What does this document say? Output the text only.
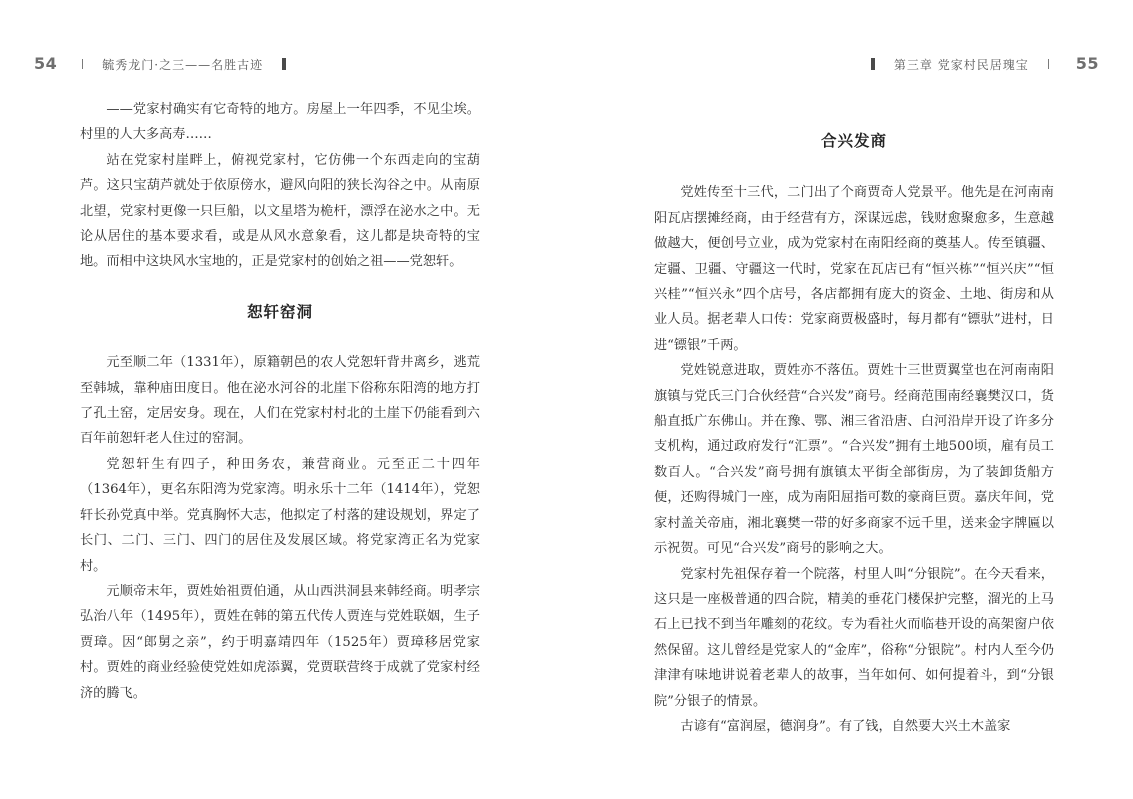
54	毓秀龙门·之三——名胜古迹

——党家村确实有它奇特的地方。房屋上一年四季，不见尘埃。村里的人大多高寿……

站在党家村崖畔上，俯视党家村，它仿佛一个东西走向的宝葫芦。这只宝葫芦就处于依原傍水，避风向阳的狭长沟谷之中。从南原北望，党家村更像一只巨船，以文星塔为桅杆，漂浮在泌水之中。无论从居住的基本要求看，或是从风水意象看，这儿都是块奇特的宝地。而相中这块风水宝地的，正是党家村的创始之祖——党恕轩。

恕轩窑洞

元至顺二年（1331年），原籍朝邑的农人党恕轩背井离乡，逃荒至韩城，靠种庙田度日。他在泌水河谷的北崖下俗称东阳湾的地方打了孔土窑，定居安身。现在，人们在党家村村北的土崖下仍能看到六百年前恕轩老人住过的窑洞。

党恕轩生有四子，种田务农，兼营商业。元至正二十四年（1364年），更名东阳湾为党家湾。明永乐十二年（1414年），党恕轩长孙党真中举。党真胸怀大志，他拟定了村落的建设规划，界定了长门、二门、三门、四门的居住及发展区域。将党家湾正名为党家村。

元顺帝末年，贾姓始祖贾伯通，从山西洪洞县来韩经商。明孝宗弘治八年（1495年），贾姓在韩的第五代传人贾连与党姓联姻，生子贾璋。因“郎舅之亲”，约于明嘉靖四年（1525年）贾璋移居党家村。贾姓的商业经验使党姓如虎添翼，党贾联营终于成就了党家村经济的腾飞。

第三章 党家村民居瑰宝	55
合兴发商

党姓传至十三代，二门出了个商贾奇人党景平。他先是在河南南阳瓦店摆摊经商，由于经营有方，深谋远虑，钱财愈聚愈多，生意越做越大，便创号立业，成为党家村在南阳经商的奠基人。传至镇疆、定疆、卫疆、守疆这一代时，党家在瓦店已有“恒兴栋”“恒兴庆”“恒兴桂”“恒兴永”四个店号，各店都拥有庞大的资金、土地、街房和从业人员。据老辈人口传：党家商贾极盛时，每月都有“镖驮”进村，日进“镖银”千两。

党姓锐意进取，贾姓亦不落伍。贾姓十三世贾翼堂也在河南南阳旗镇与党氏三门合伙经营“合兴发”商号。经商范围南经襄樊汉口，货船直抵广东佛山。并在豫、鄂、湘三省沿唐、白河沿岸开设了许多分支机构，通过政府发行“汇票”。“合兴发”拥有土地500顷，雇有员工数百人。“合兴发”商号拥有旗镇太平街全部街房，为了装卸货船方便，还购得城门一座，成为南阳屈指可数的豪商巨贾。嘉庆年间，党家村盖关帝庙，湘北襄樊一带的好多商家不远千里，送来金字牌匾以示祝贺。可见“合兴发”商号的影响之大。

党家村先祖保存着一个院落，村里人叫“分银院”。在今天看来，这只是一座极普通的四合院，精美的垂花门楼保护完整，溜光的上马石上已找不到当年雕刻的花纹。专为看社火而临巷开设的高架窗户依然保留。这儿曾经是党家人的“金库”，俗称“分银院”。村内人至今仍津津有味地讲说着老辈人的故事，当年如何、如何提着斗，到“分银院”分银子的情景。

古谚有“富润屋，德润身”。有了钱，自然要大兴土木盖家
